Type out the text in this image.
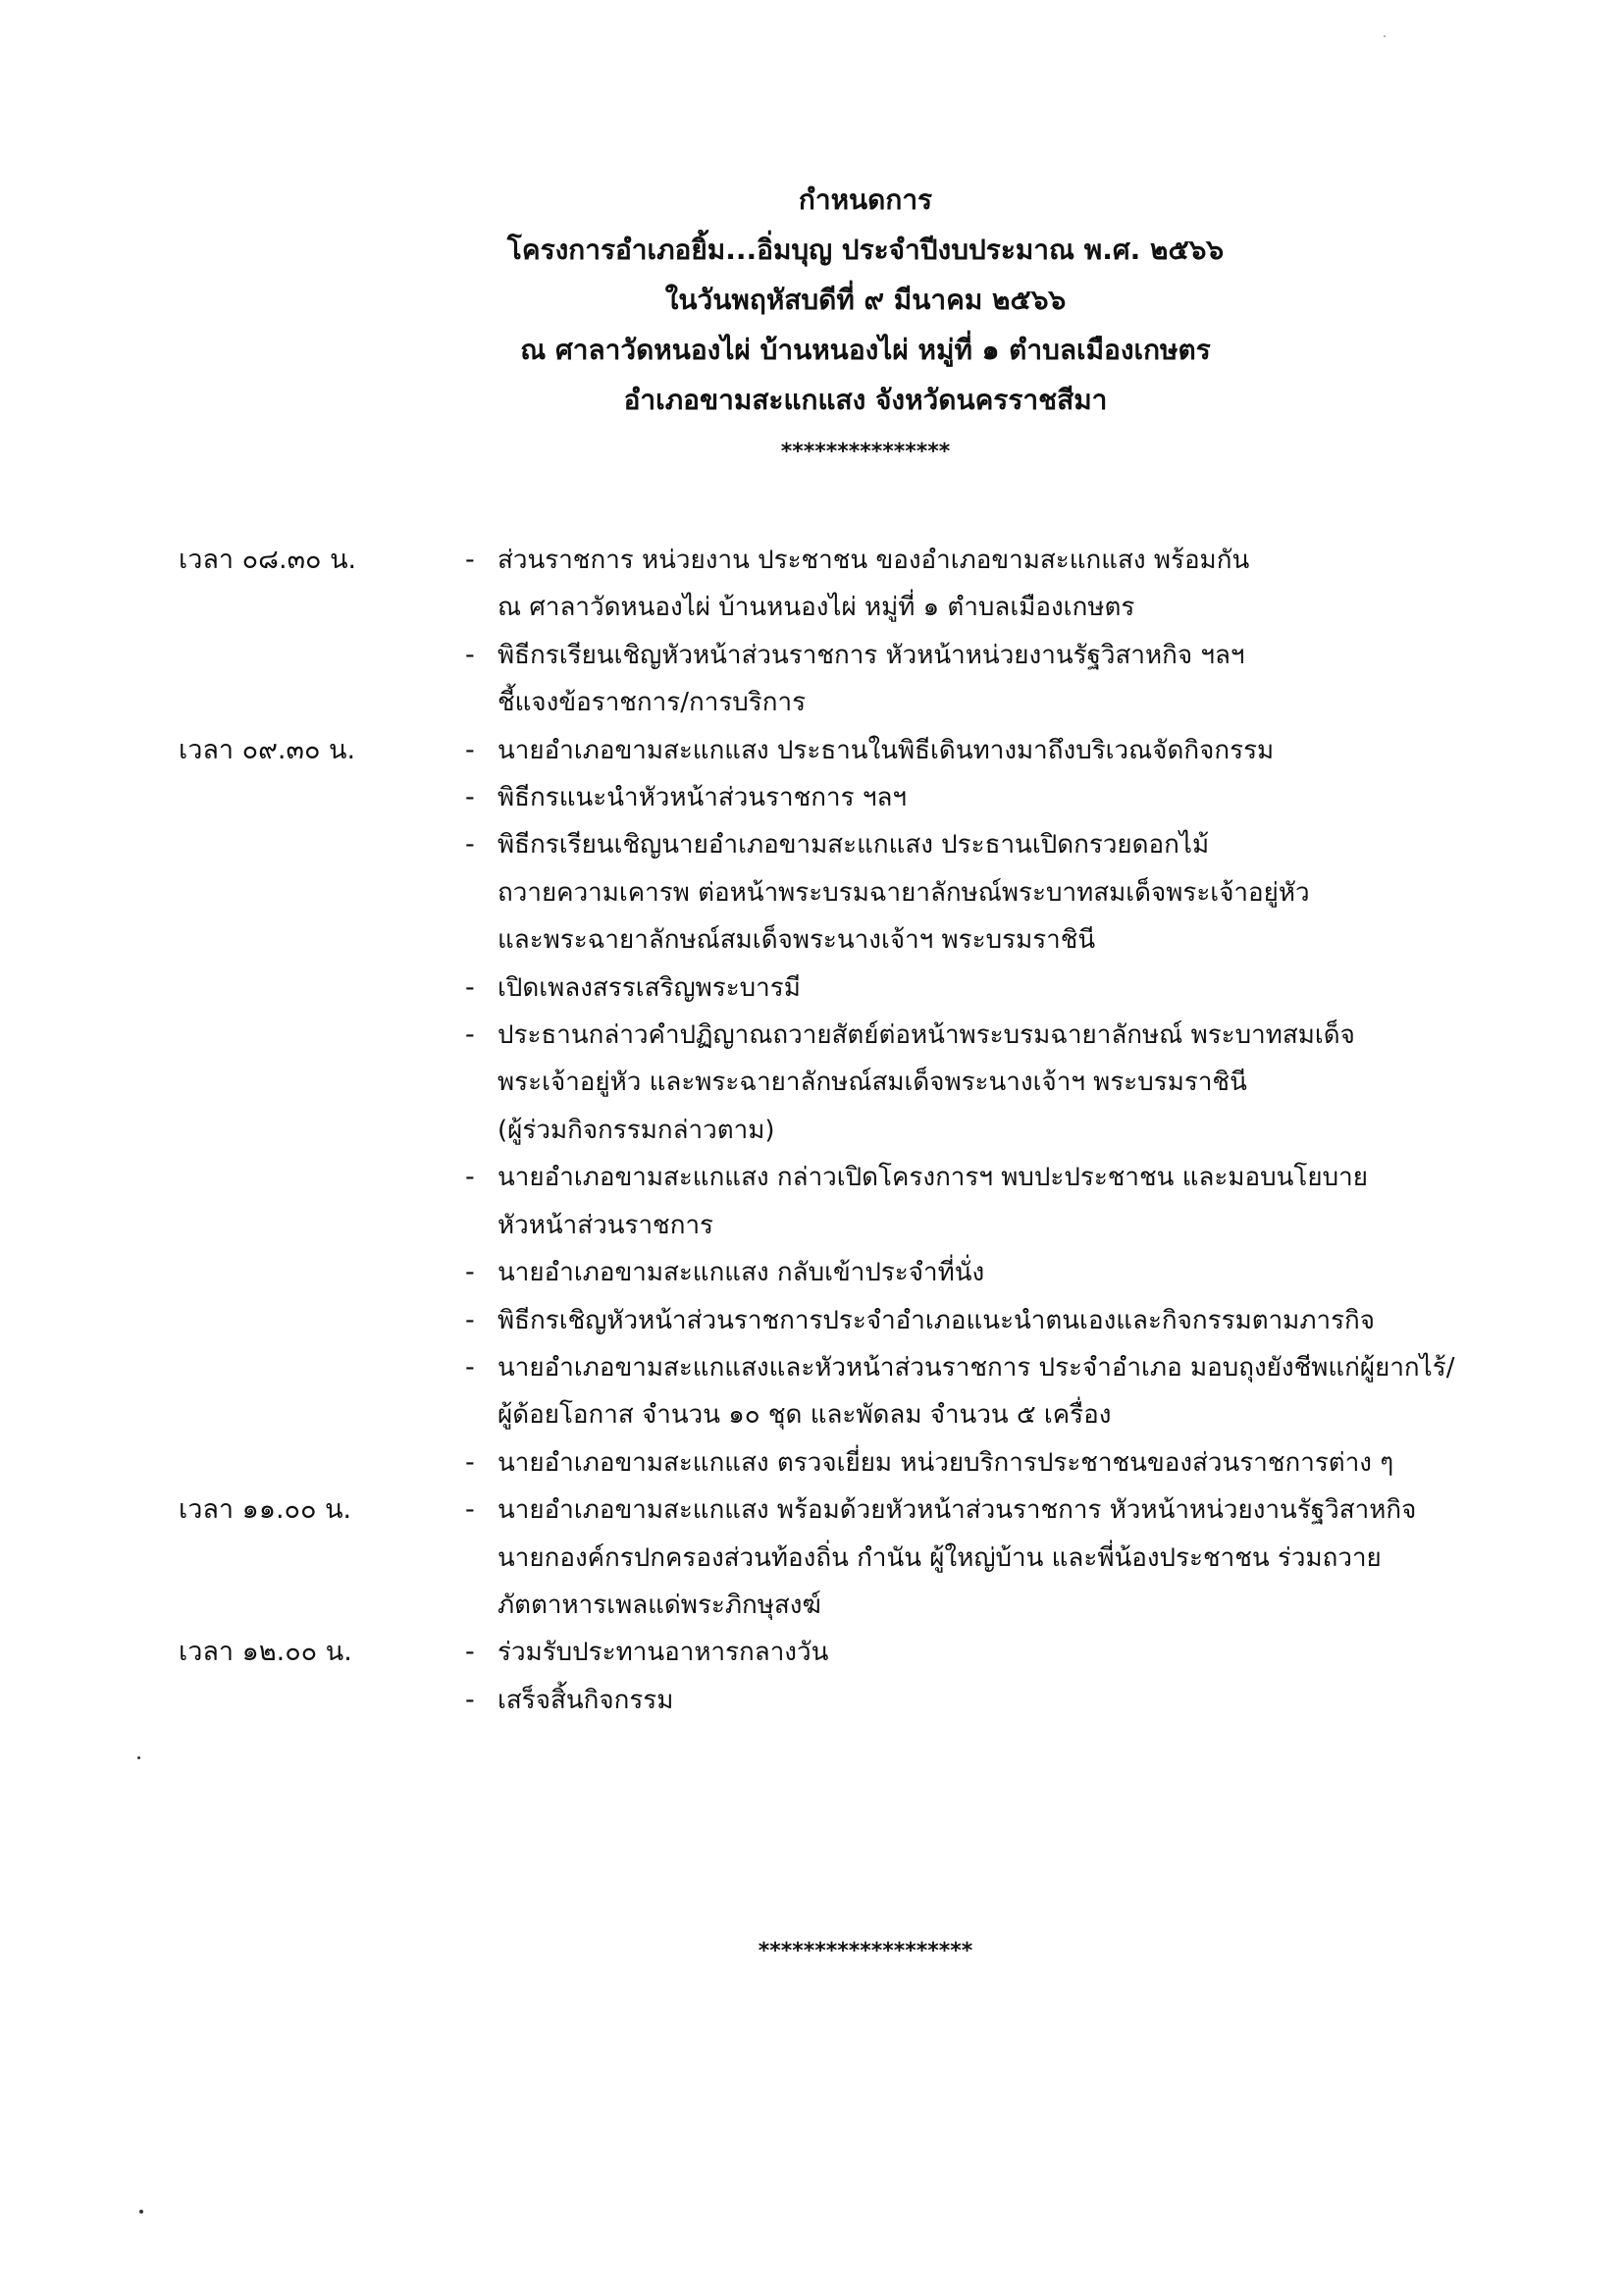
กำหนดการ
โครงการอำเภอยิ้ม...อิ่มบุญ ประจำปีงบประมาณ พ.ศ. ๒๕๖๖
ในวันพฤหัสบดีที่ ๙ มีนาคม ๒๕๖๖
ณ ศาลาวัดหนองไผ่ บ้านหนองไผ่ หมู่ที่ ๑ ตำบลเมืองเกษตร
อำเภอขามสะแกแสง จังหวัดนครราชสีมา
***************
เวลา ๐๘.๓๐ น.	- ส่วนราชการ หน่วยงาน ประชาชน ของอำเภอขามสะแกแสง พร้อมกัน
ณ ศาลาวัดหนองไผ่ บ้านหนองไผ่ หมู่ที่ ๑ ตำบลเมืองเกษตร
- พิธีกรเรียนเชิญหัวหน้าส่วนราชการ หัวหน้าหน่วยงานรัฐวิสาหกิจ ฯลฯ
ชี้แจงข้อราชการ/การบริการ
เวลา ๐๙.๓๐ น.	- นายอำเภอขามสะแกแสง ประธานในพิธีเดินทางมาถึงบริเวณจัดกิจกรรม
- พิธีกรแนะนำหัวหน้าส่วนราชการ ฯลฯ
- พิธีกรเรียนเชิญนายอำเภอขามสะแกแสง ประธานเปิดกรวยดอกไม้
ถวายความเคารพ ต่อหน้าพระบรมฉายาลักษณ์พระบาทสมเด็จพระเจ้าอยู่หัว
และพระฉายาลักษณ์สมเด็จพระนางเจ้าฯ พระบรมราชินี
- เปิดเพลงสรรเสริญพระบารมี
- ประธานกล่าวคำปฏิญาณถวายสัตย์ต่อหน้าพระบรมฉายาลักษณ์ พระบาทสมเด็จ
พระเจ้าอยู่หัว และพระฉายาลักษณ์สมเด็จพระนางเจ้าฯ พระบรมราชินี
(ผู้ร่วมกิจกรรมกล่าวตาม)
- นายอำเภอขามสะแกแสง กล่าวเปิดโครงการฯ พบปะประชาชน และมอบนโยบาย
หัวหน้าส่วนราชการ
- นายอำเภอขามสะแกแสง กลับเข้าประจำที่นั่ง
- พิธีกรเชิญหัวหน้าส่วนราชการประจำอำเภอแนะนำตนเองและกิจกรรมตามภารกิจ
- นายอำเภอขามสะแกแสงและหัวหน้าส่วนราชการ ประจำอำเภอ มอบถุงยังชีพแก่ผู้ยากไร้/
ผู้ด้อยโอกาส จำนวน ๑๐ ชุด และพัดลม จำนวน ๕ เครื่อง
- นายอำเภอขามสะแกแสง ตรวจเยี่ยม หน่วยบริการประชาชนของส่วนราชการต่าง ๆ
เวลา ๑๑.๐๐ น.	- นายอำเภอขามสะแกแสง พร้อมด้วยหัวหน้าส่วนราชการ หัวหน้าหน่วยงานรัฐวิสาหกิจ
นายกองค์กรปกครองส่วนท้องถิ่น กำนัน ผู้ใหญ่บ้าน และพี่น้องประชาชน ร่วมถวาย
ภัตตาหารเพลแด่พระภิกษุสงฆ์
เวลา ๑๒.๐๐ น.	- ร่วมรับประทานอาหารกลางวัน
- เสร็จสิ้นกิจกรรม
*******************
